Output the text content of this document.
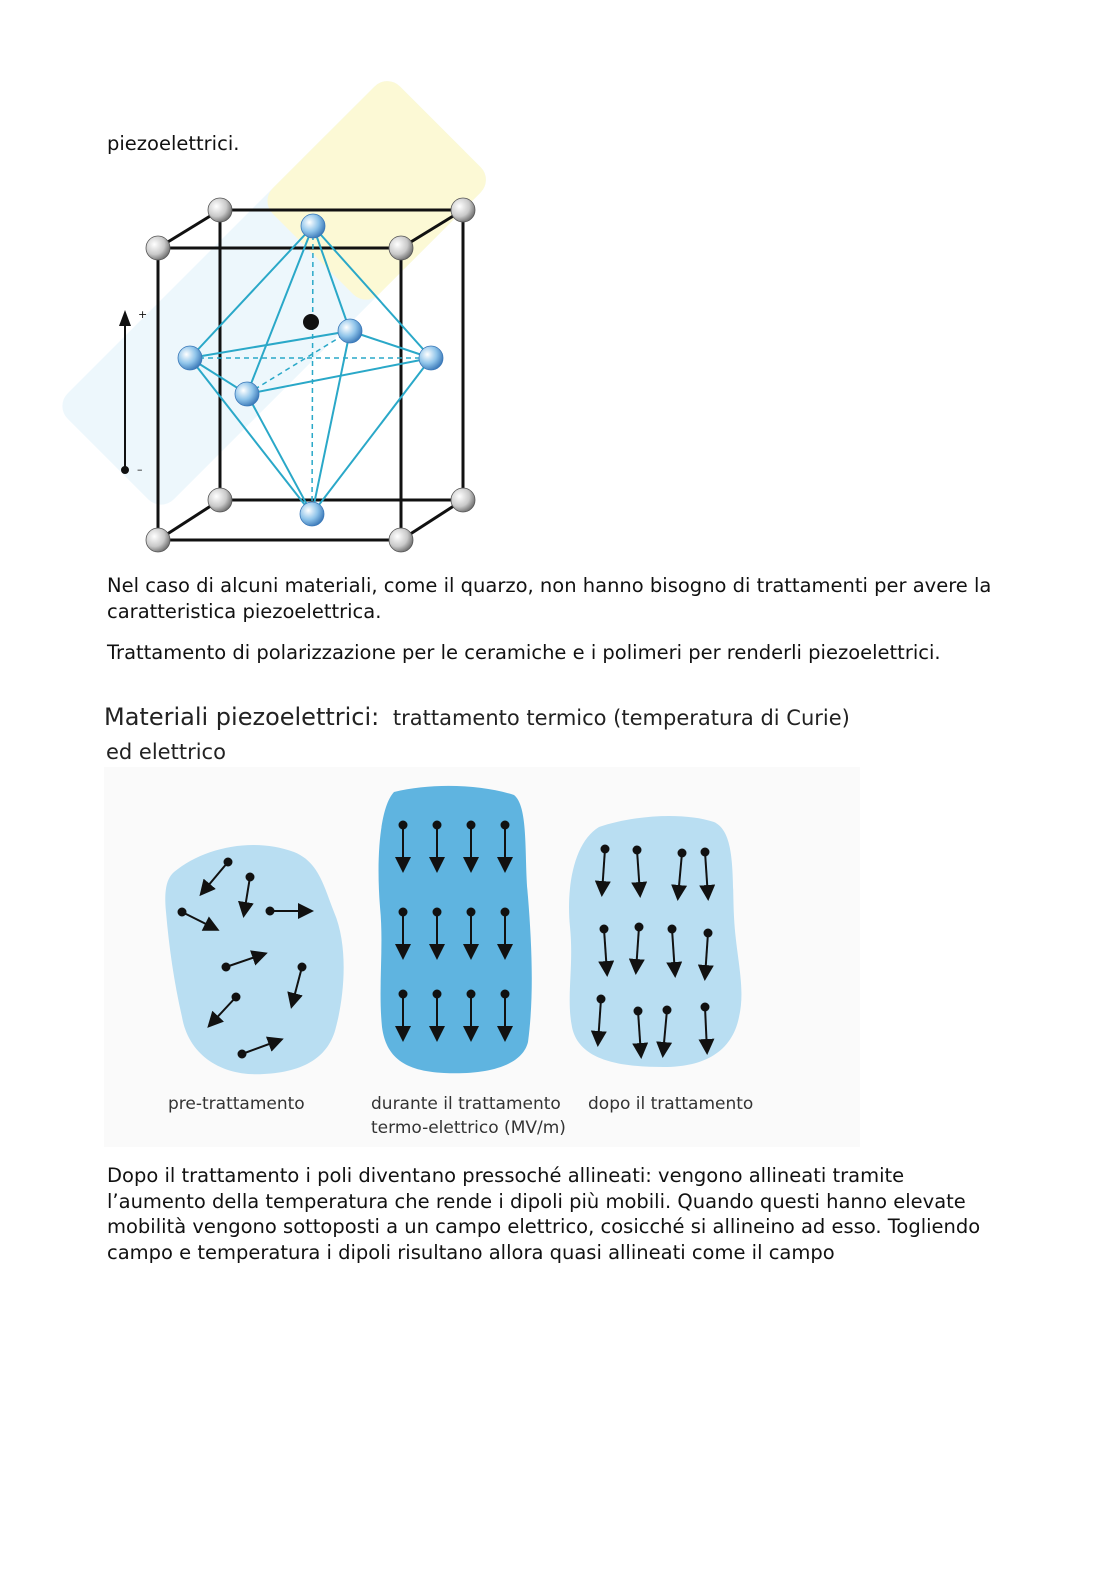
piezoelettrici.

+
–

Nel caso di alcuni materiali, come il quarzo, non hanno bisogno di trattamenti per avere la caratteristica piezoelettrica.

Trattamento di polarizzazione per le ceramiche e i polimeri per renderli piezoelettrici.

Materiali piezoelettrici: trattamento termico (temperatura di Curie)
ed elettrico
pre-trattamento	durante il trattamento
termo-elettrico (MV/m)
dopo il trattamento

Dopo il trattamento i poli diventano pressoché allineati: vengono allineati tramite l’aumento della temperatura che rende i dipoli più mobili. Quando questi hanno elevate mobilità vengono sottoposti a un campo elettrico, cosicché si allineino ad esso. Togliendo campo e temperatura i dipoli risultano allora quasi allineati come il campo
